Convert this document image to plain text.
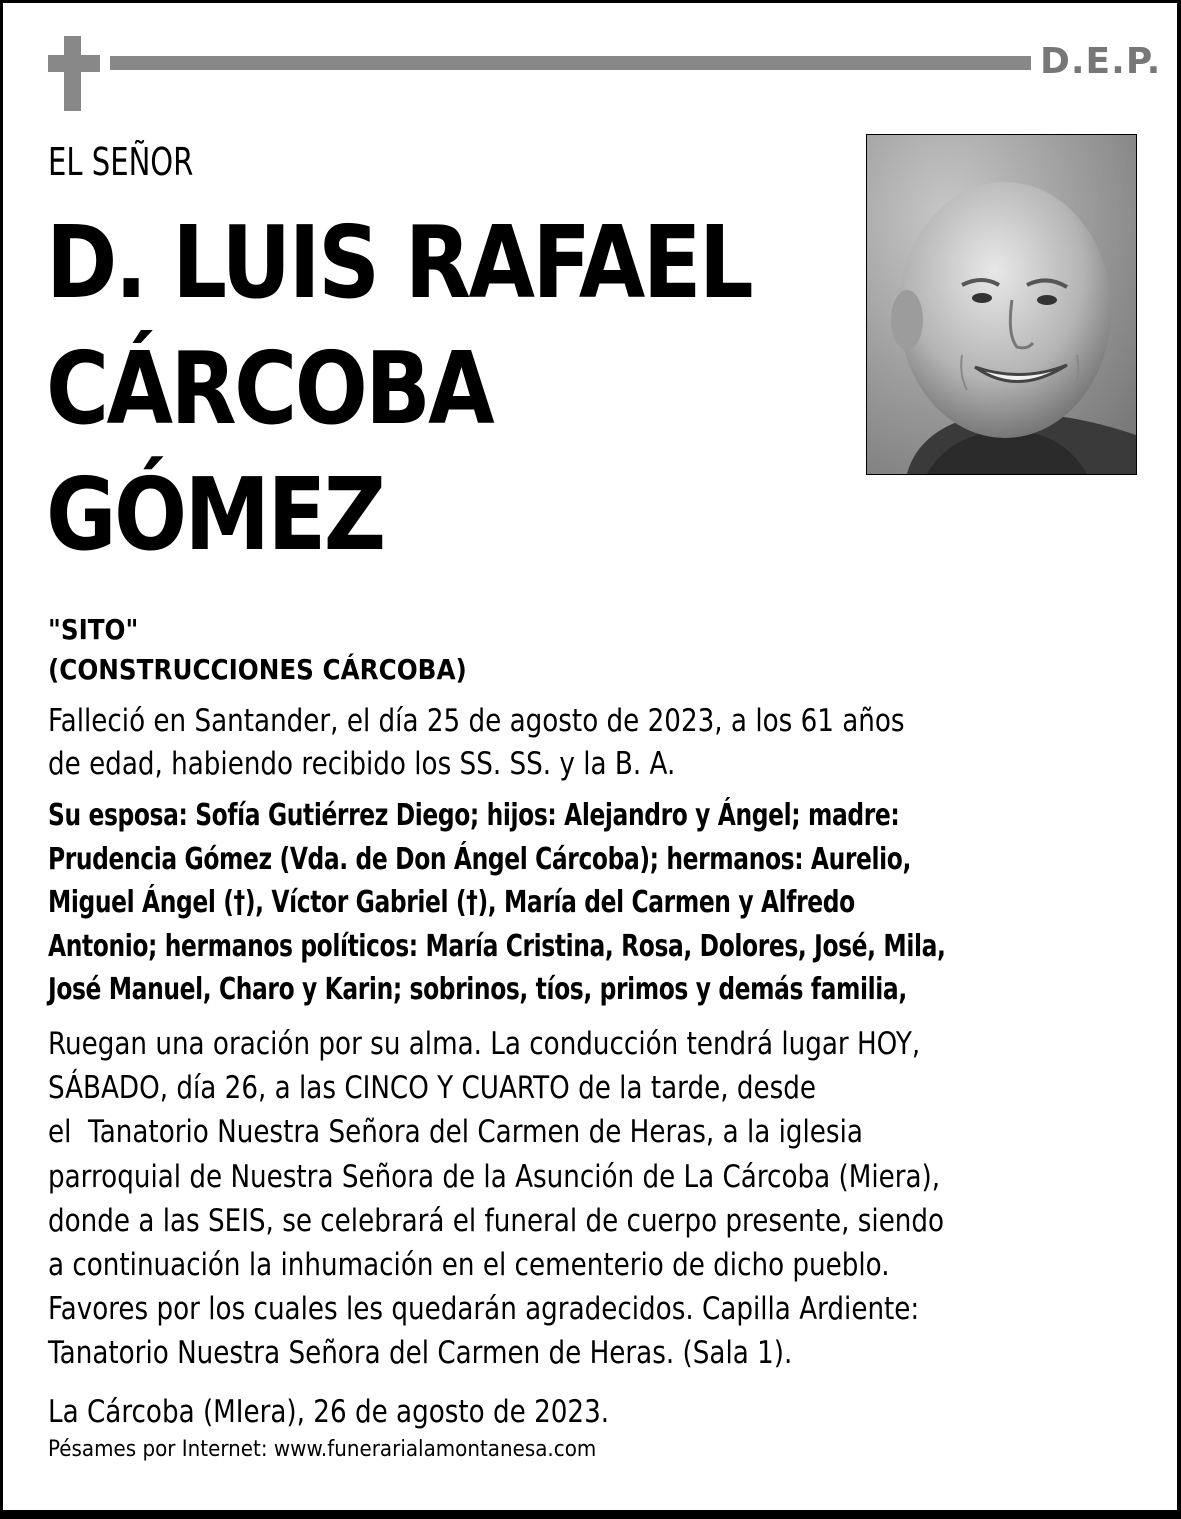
D.E.P.
EL SEÑOR
D. LUIS RAFAEL
CÁRCOBA
GÓMEZ
"SITO"
(CONSTRUCCIONES CÁRCOBA)
Falleció en Santander, el día 25 de agosto de 2023, a los 61 años
de edad, habiendo recibido los SS. SS. y la B. A.
Su esposa: Sofía Gutiérrez Diego; hijos: Alejandro y Ángel; madre:
Prudencia Gómez (Vda. de Don Ángel Cárcoba); hermanos: Aurelio,
Miguel Ángel (†), Víctor Gabriel (†), María del Carmen y Alfredo
Antonio; hermanos políticos: María Cristina, Rosa, Dolores, José, Mila,
José Manuel, Charo y Karin; sobrinos, tíos, primos y demás familia,
Ruegan una oración por su alma. La conducción tendrá lugar HOY,
SÁBADO, día 26, a las CINCO Y CUARTO de la tarde, desde
el  Tanatorio Nuestra Señora del Carmen de Heras, a la iglesia
parroquial de Nuestra Señora de la Asunción de La Cárcoba (Miera),
donde a las SEIS, se celebrará el funeral de cuerpo presente, siendo
a continuación la inhumación en el cementerio de dicho pueblo.
Favores por los cuales les quedarán agradecidos. Capilla Ardiente:
Tanatorio Nuestra Señora del Carmen de Heras. (Sala 1).
La Cárcoba (MIera), 26 de agosto de 2023.
Pésames por Internet: www.funerarialamontanesa.com
